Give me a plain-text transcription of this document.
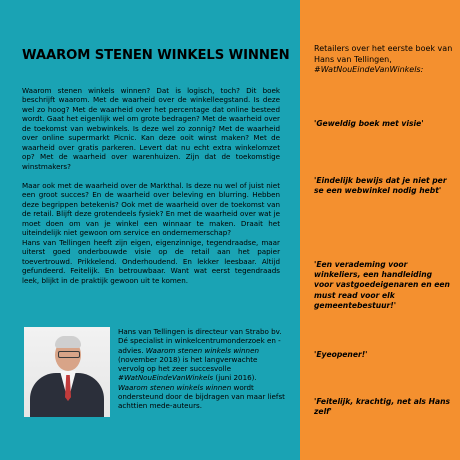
WAAROM STENEN WINKELS WINNEN

Waarom stenen winkels winnen? Dat is logisch, toch? Dit boek beschrijft waarom. Met de waarheid over de winkelleegstand. Is deze wel zo hoog? Met de waarheid over het percentage dat online besteed wordt. Gaat het eigenlijk wel om grote bedragen? Met de waarheid over de toekomst van webwinkels. Is deze wel zo zonnig? Met de waarheid over online supermarkt Picnic. Kan deze ooit winst maken? Met de waarheid over gratis parkeren. Levert dat nu echt extra winkelomzet op? Met de waarheid over warenhuizen. Zijn dat de toekomstige winstmakers?

Maar ook met de waarheid over de Markthal. Is deze nu wel of juist niet een groot succes? En de waarheid over beleving en blurring. Hebben deze begrippen betekenis? Ook met de waarheid over de toekomst van de retail. Blijft deze grotendeels fysiek? En met de waarheid over wat je moet doen om van je winkel een winnaar te maken. Draait het uiteindelijk niet gewoon om service en ondernemerschap?

Hans van Tellingen heeft zijn eigen, eigenzinnige, tegendraadse, maar uiterst goed onderbouwde visie op de retail aan het papier toevertrouwd. Prikkelend. Onderhoudend. En lekker leesbaar. Altijd gefundeerd. Feitelijk. En betrouwbaar. Want wat eerst tegendraads leek, blijkt in de praktijk gewoon uit te komen.

Hans van Tellingen is directeur van Strabo bv. Dé specialist in winkelcentrumonderzoek en -advies. Waarom stenen winkels winnen (november 2018) is het langverwachte vervolg op het zeer succesvolle #WatNouEindeVanWinkels (juni 2016). Waarom stenen winkels winnen wordt ondersteund door de bijdragen van maar liefst achttien mede-auteurs.

Retailers over het eerste boek van Hans van Tellingen,
#WatNouEindeVanWinkels:

'Geweldig boek met visie'

'Eindelijk bewijs dat je niet per se een webwinkel nodig hebt'

'Een verademing voor winkeliers, een handleiding voor vastgoedeigenaren en een must read voor elk gemeentebestuur!'

'Eyeopener!'

'Feitelijk, krachtig, net als Hans zelf'
